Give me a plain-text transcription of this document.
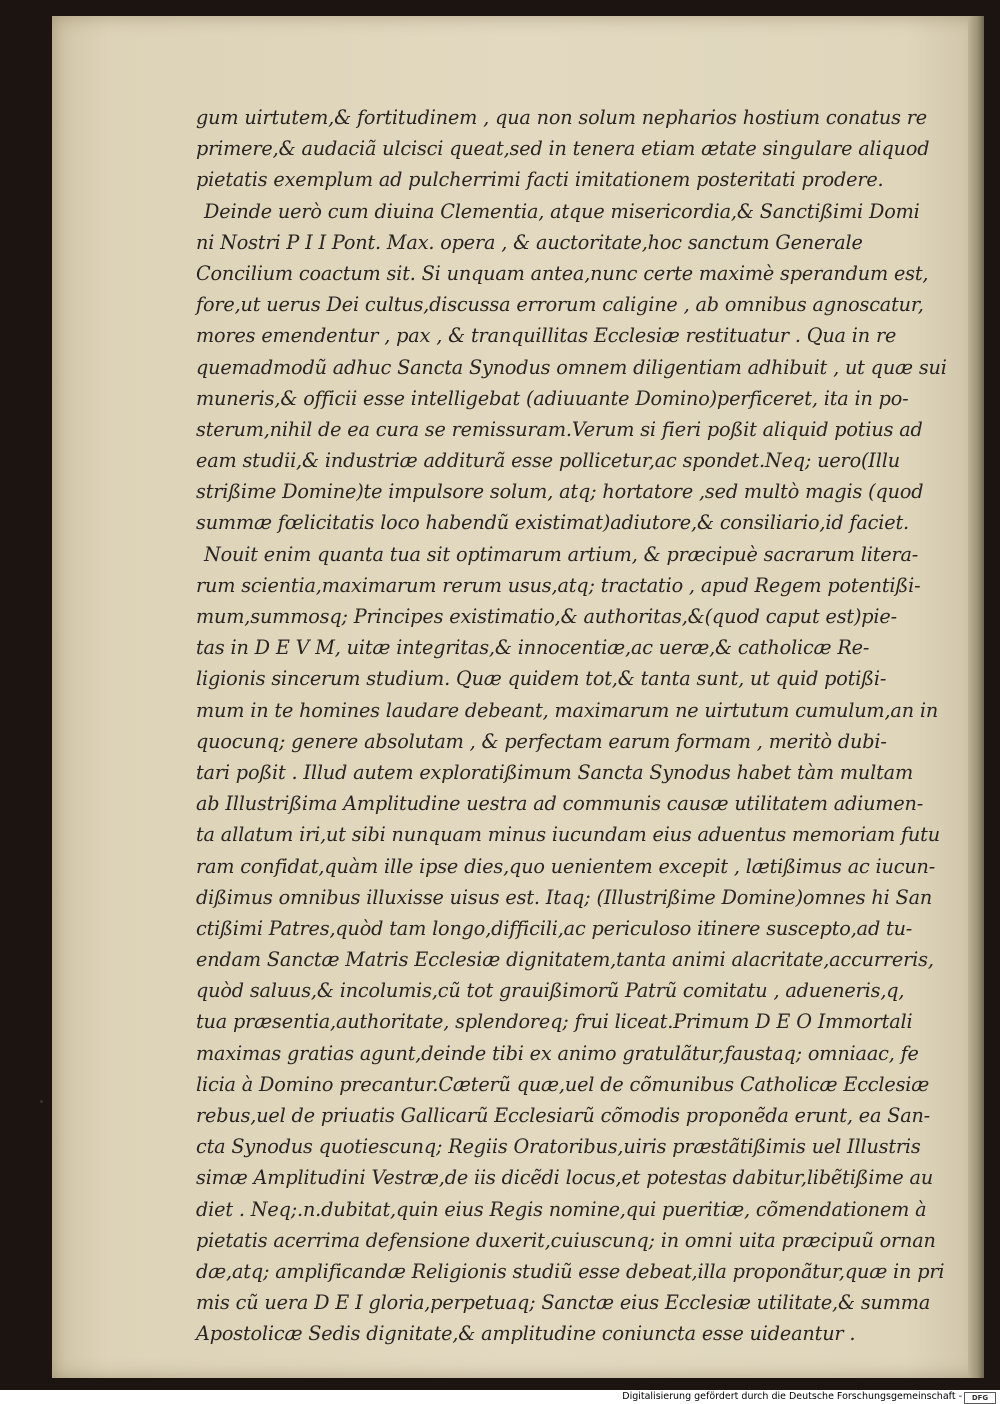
gum uirtutem,& fortitudinem , qua non solum nepharios hostium conatus re
primere,& audaciã ulcisci queat,sed in tenera etiam ætate singulare aliquod
pietatis exemplum ad pulcherrimi facti imitationem posteritati prodere.
Deinde uerò cum diuina Clementia, atque misericordia,& Sanctißimi Domi
ni Nostri P I I Pont. Max. opera , & auctoritate,hoc sanctum Generale
Concilium coactum sit. Si unquam antea,nunc certe maximè sperandum est,
fore,ut uerus Dei cultus,discussa errorum caligine , ab omnibus agnoscatur,
mores emendentur , pax , & tranquillitas Ecclesiæ restituatur . Qua in re
quemadmodũ adhuc Sancta Synodus omnem diligentiam adhibuit , ut quæ sui
muneris,& officii esse intelligebat (adiuuante Domino)perficeret, ita in po-
sterum,nihil de ea cura se remissuram.Verum si fieri poßit aliquid potius ad
eam studii,& industriæ additurã esse pollicetur,ac spondet.Neq; uero(Illu
strißime Domine)te impulsore solum, atq; hortatore ,sed multò magis (quod
summæ fœlicitatis loco habendũ existimat)adiutore,& consiliario,id faciet.
Nouit enim quanta tua sit optimarum artium, & præcipuè sacrarum litera-
rum scientia,maximarum rerum usus,atq; tractatio , apud Regem potentißi-
mum,summosq; Principes existimatio,& authoritas,&(quod caput est)pie-
tas in D E V M, uitæ integritas,& innocentiæ,ac ueræ,& catholicæ Re-
ligionis sincerum studium. Quæ quidem tot,& tanta sunt, ut quid potißi-
mum in te homines laudare debeant, maximarum ne uirtutum cumulum,an in
quocunq; genere absolutam , & perfectam earum formam , meritò dubi-
tari poßit . Illud autem exploratißimum Sancta Synodus habet tàm multam
ab Illustrißima Amplitudine uestra ad communis causæ utilitatem adiumen-
ta allatum iri,ut sibi nunquam minus iucundam eius aduentus memoriam futu
ram confidat,quàm ille ipse dies,quo uenientem excepit , lætißimus ac iucun-
dißimus omnibus illuxisse uisus est. Itaq; (Illustrißime Domine)omnes hi San
ctißimi Patres,quòd tam longo,difficili,ac periculoso itinere suscepto,ad tu-
endam Sanctæ Matris Ecclesiæ dignitatem,tanta animi alacritate,accurreris,
quòd saluus,& incolumis,cũ tot grauißimorũ Patrũ comitatu , adueneris,q,
tua præsentia,authoritate, splendoreq; frui liceat.Primum D E O Immortali
maximas gratias agunt,deinde tibi ex animo gratulãtur,faustaq; omniaac, fe
licia à Domino precantur.Cæterũ quæ,uel de cõmunibus Catholicæ Ecclesiæ
rebus,uel de priuatis Gallicarũ Ecclesiarũ cõmodis proponẽda erunt, ea San-
cta Synodus quotiescunq; Regiis Oratoribus,uiris præstãtißimis uel Illustris
simæ Amplitudini Vestræ,de iis dicẽdi locus,et potestas dabitur,libẽtißime au
diet . Neq;.n.dubitat,quin eius Regis nomine,qui pueritiæ, cõmendationem à
pietatis acerrima defensione duxerit,cuiuscunq; in omni uita præcipuũ ornan
dæ,atq; amplificandæ Religionis studiũ esse debeat,illa proponãtur,quæ in pri
mis cũ uera D E I gloria,perpetuaq; Sanctæ eius Ecclesiæ utilitate,& summa
Apostolicæ Sedis dignitate,& amplitudine coniuncta esse uideantur .
Digitalisierung gefördert durch die Deutsche Forschungsgemeinschaft -	DFG
